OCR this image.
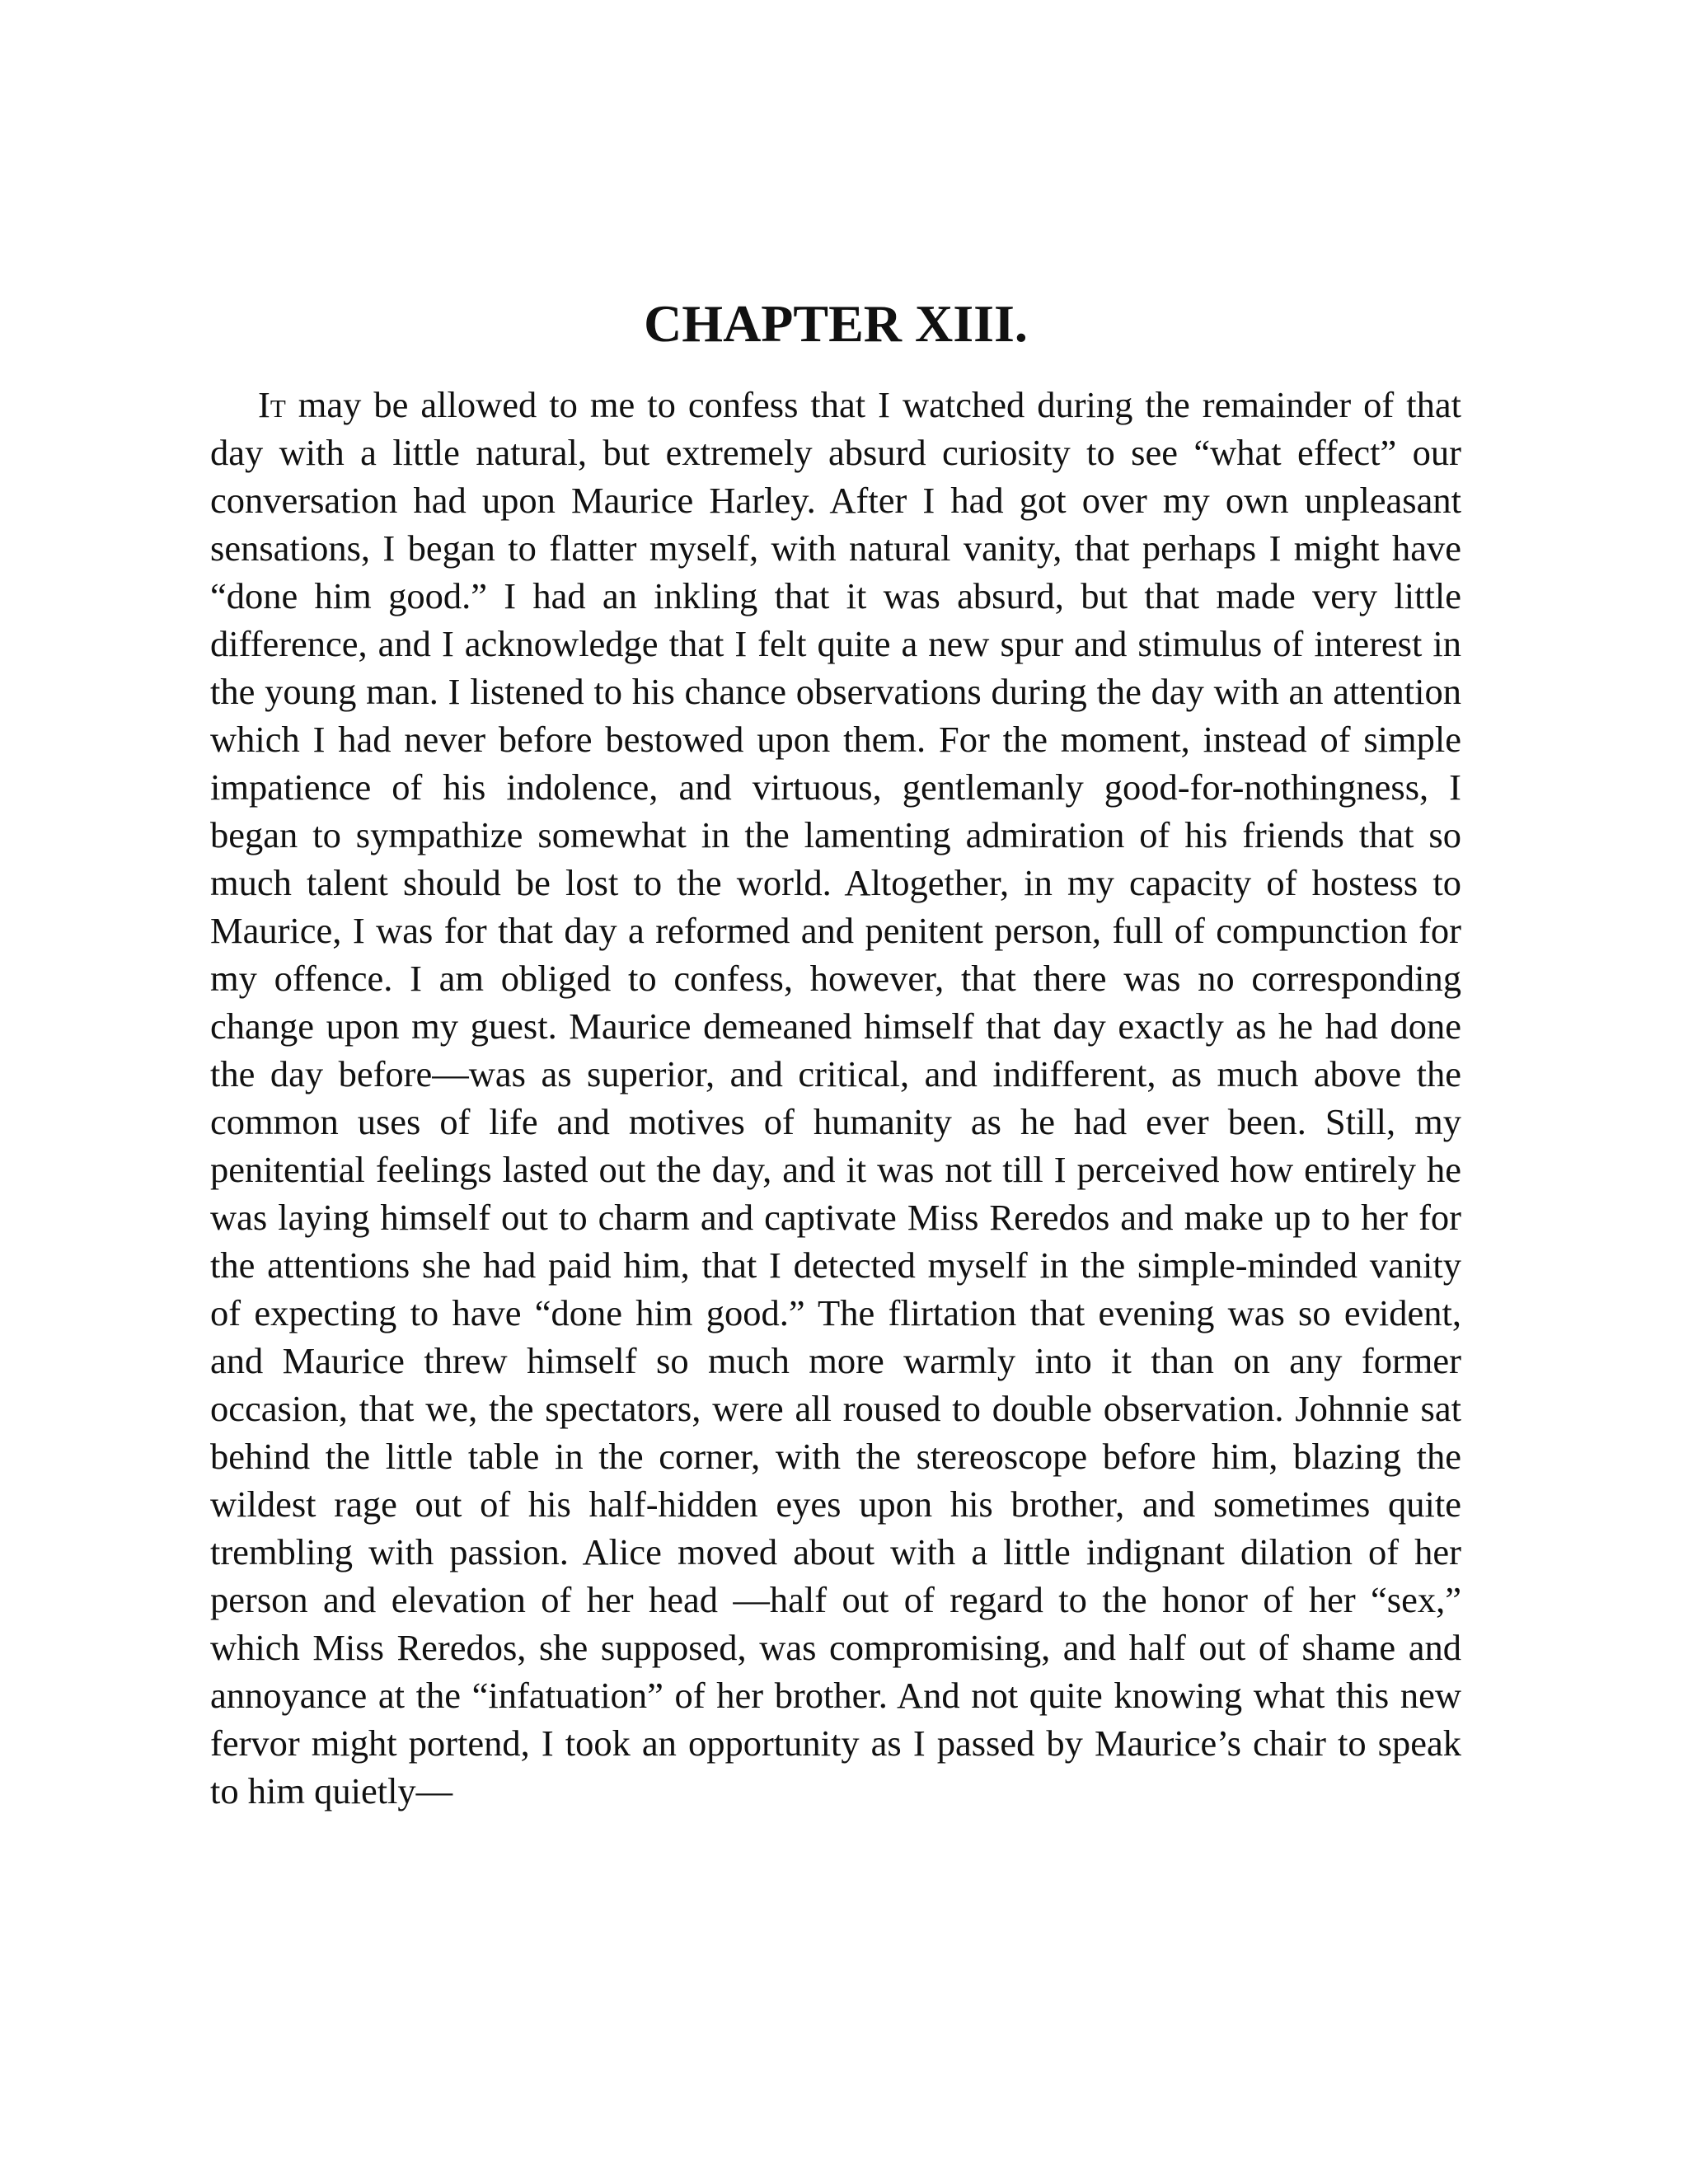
CHAPTER XIII.

It may be allowed to me to confess that I watched during the remainder of that day with a little natural, but extremely absurd curiosity to see “what effect” our conversation had upon Maurice Harley. After I had got over my own unpleasant sensations, I began to flatter myself, with natural vanity, that perhaps I might have “done him good.” I had an inkling that it was absurd, but that made very little difference, and I acknowledge that I felt quite a new spur and stimulus of interest in the young man. I listened to his chance observations during the day with an attention which I had never before bestowed upon them. For the moment, instead of simple impatience of his indolence, and virtuous, gentlemanly good-for-nothingness, I began to sympathize somewhat in the lamenting admiration of his friends that so much talent should be lost to the world. Altogether, in my capacity of hostess to Maurice, I was for that day a reformed and penitent person, full of compunction for my offence. I am obliged to confess, however, that there was no corresponding change upon my guest. Maurice demeaned himself that day exactly as he had done the day before—was as superior, and critical, and indifferent, as much above the common uses of life and motives of humanity as he had ever been. Still, my penitential feelings lasted out the day, and it was not till I perceived how entirely he was laying himself out to charm and captivate Miss Reredos and make up to her for the attentions she had paid him, that I detected myself in the simple-minded vanity of expecting to have “done him good.” The flirtation that evening was so evident, and Maurice threw himself so much more warmly into it than on any former occasion, that we, the spectators, were all roused to double observation. Johnnie sat behind the little table in the corner, with the stereoscope before him, blazing the wildest rage out of his half-hidden eyes upon his brother, and sometimes quite trembling with passion. Alice moved about with a little indignant dilation of her person and elevation of her head —half out of regard to the honor of her “sex,” which Miss Reredos, she supposed, was compromising, and half out of shame and annoyance at the “infatuation” of her brother. And not quite knowing what this new fervor might portend, I took an opportunity as I passed by Maurice’s chair to speak to him quietly—
